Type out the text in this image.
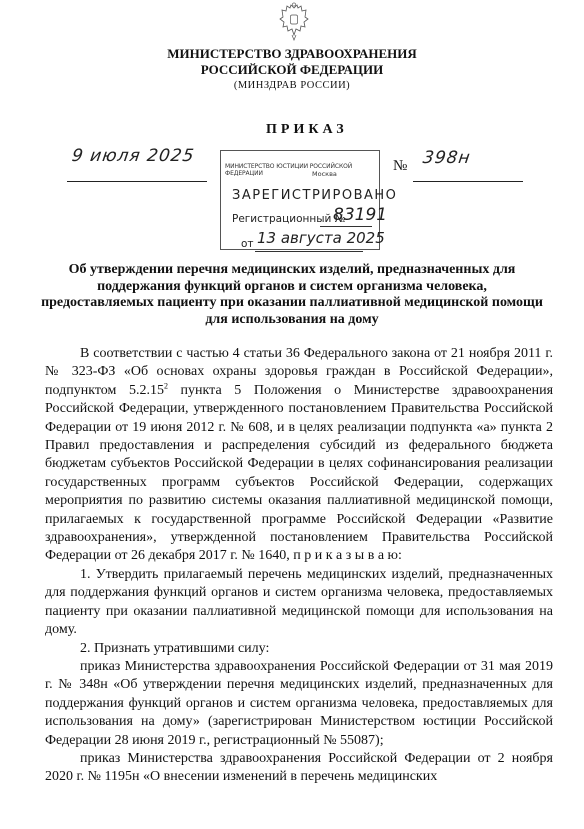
МИНИСТЕРСТВО ЗДРАВООХРАНЕНИЯ
РОССИЙСКОЙ ФЕДЕРАЦИИ
(МИНЗДРАВ РОССИИ)
ПРИКАЗ
МИНИСТЕРСТВО ЮСТИЦИИ РОССИЙСКОЙ ФЕДЕРАЦИИ	Москва
ЗАРЕГИСТРИРОВАНО
Регистрационный №
83191
от 13 августа 2025
9 июля 2025	№ 398н
Об утверждении перечня медицинских изделий, предназначенных для поддержания функций органов и систем организма человека, предоставляемых пациенту при оказании паллиативной медицинской помощи для использования на дому

В соответствии с частью 4 статьи 36 Федерального закона от 21 ноября 2011 г. № 323-ФЗ «Об основах охраны здоровья граждан в Российской Федерации», подпунктом 5.2.15$^2$ пункта 5 Положения о Министерстве здравоохранения Российской Федерации, утвержденного постановлением Правительства Российской Федерации от 19 июня 2012 г. № 608, и в целях реализации подпункта «а» пункта 2 Правил предоставления и распределения субсидий из федерального бюджета бюджетам субъектов Российской Федерации в целях софинансирования реализации государственных программ субъектов Российской Федерации, содержащих мероприятия по развитию системы оказания паллиативной медицинской помощи, прилагаемых к государственной программе Российской Федерации «Развитие здравоохранения», утвержденной постановлением Правительства Российской Федерации от 26 декабря 2017 г. № 1640, п р и к а з ы в а ю:

1. Утвердить прилагаемый перечень медицинских изделий, предназначенных для поддержания функций органов и систем организма человека, предоставляемых пациенту при оказании паллиативной медицинской помощи для использования на дому.

2. Признать утратившими силу:

приказ Министерства здравоохранения Российской Федерации от 31 мая 2019 г. № 348н «Об утверждении перечня медицинских изделий, предназначенных для поддержания функций органов и систем организма человека, предоставляемых для использования на дому» (зарегистрирован Министерством юстиции Российской Федерации 28 июня 2019 г., регистрационный № 55087);

приказ Министерства здравоохранения Российской Федерации от 2 ноября 2020 г. № 1195н «О внесении изменений в перечень медицинских
